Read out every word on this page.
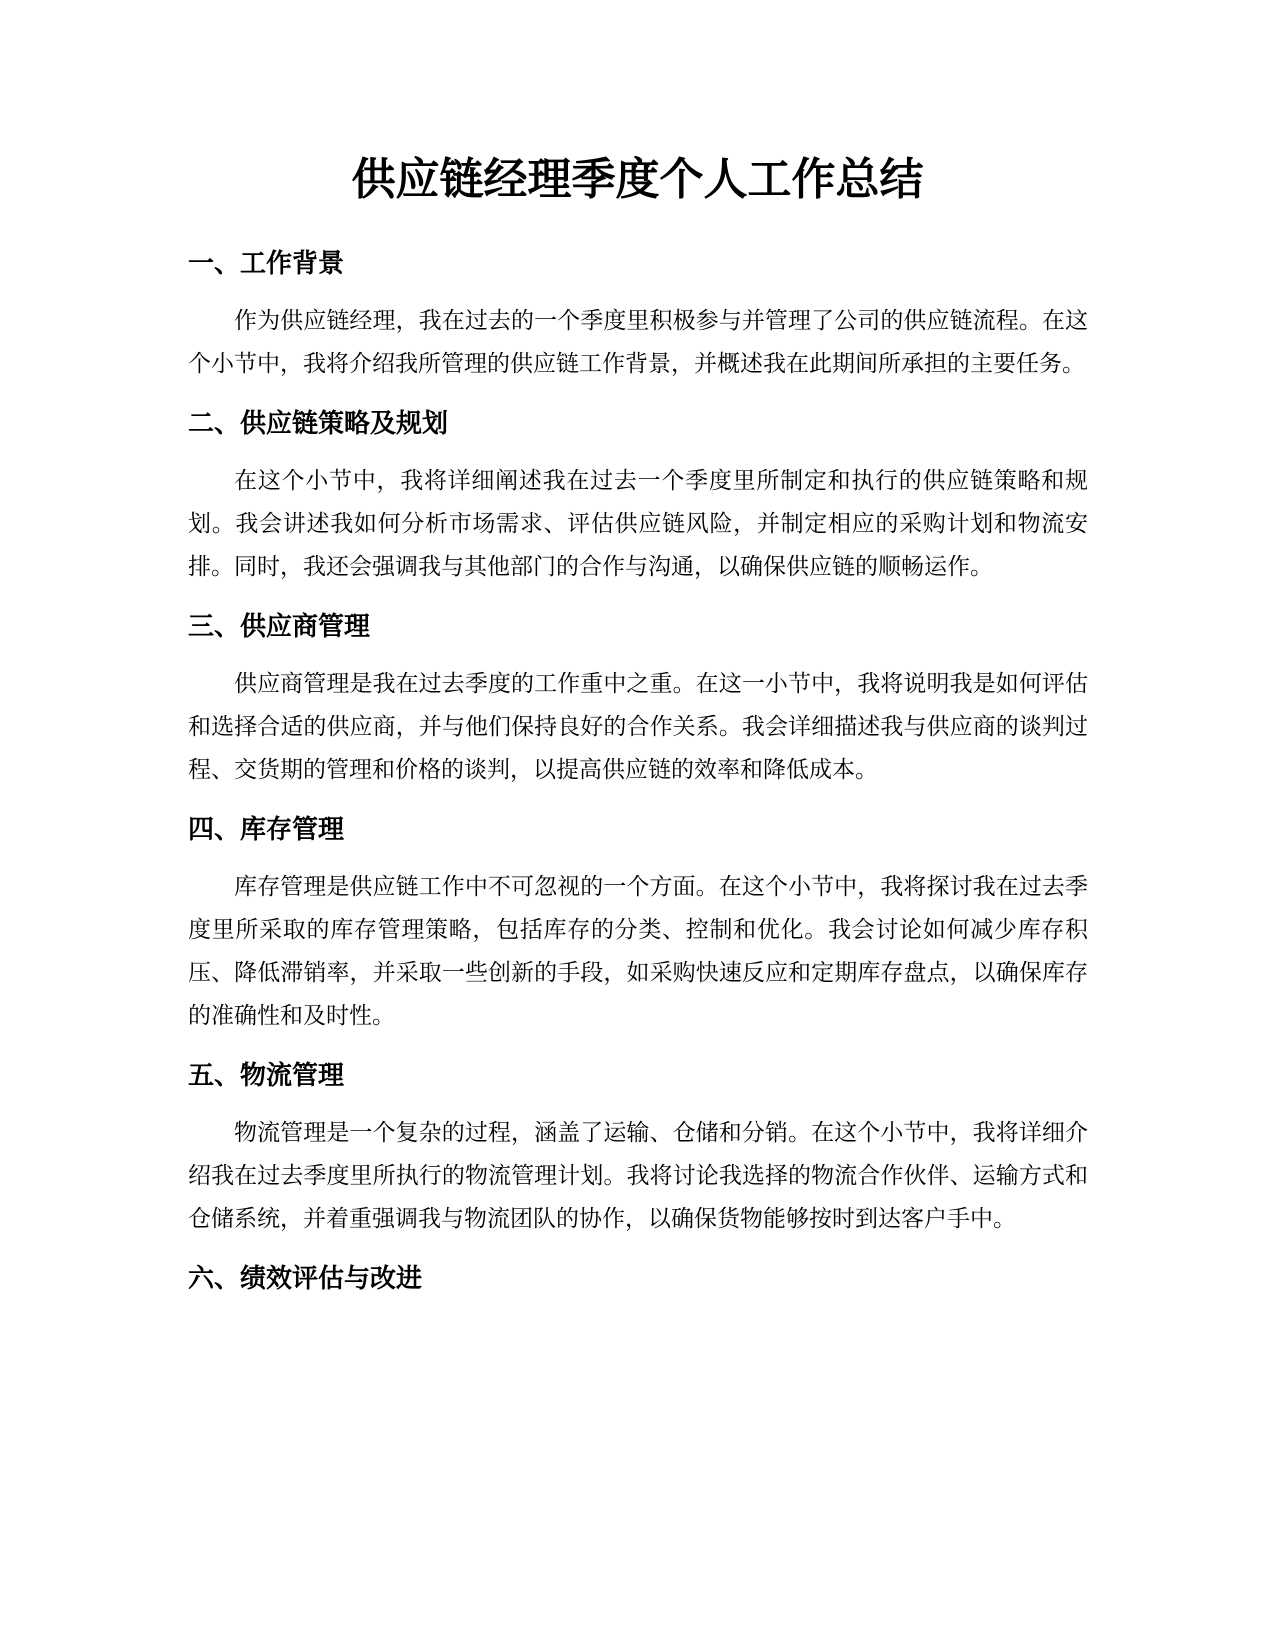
供应链经理季度个人工作总结
一、工作背景

作为供应链经理，我在过去的一个季度里积极参与并管理了公司的供应链流程。在这个小节中，我将介绍我所管理的供应链工作背景，并概述我在此期间所承担的主要任务。

二、供应链策略及规划

在这个小节中，我将详细阐述我在过去一个季度里所制定和执行的供应链策略和规划。我会讲述我如何分析市场需求、评估供应链风险，并制定相应的采购计划和物流安排。同时，我还会强调我与其他部门的合作与沟通，以确保供应链的顺畅运作。

三、供应商管理

供应商管理是我在过去季度的工作重中之重。在这一小节中，我将说明我是如何评估和选择合适的供应商，并与他们保持良好的合作关系。我会详细描述我与供应商的谈判过程、交货期的管理和价格的谈判，以提高供应链的效率和降低成本。

四、库存管理

库存管理是供应链工作中不可忽视的一个方面。在这个小节中，我将探讨我在过去季度里所采取的库存管理策略，包括库存的分类、控制和优化。我会讨论如何减少库存积压、降低滞销率，并采取一些创新的手段，如采购快速反应和定期库存盘点，以确保库存的准确性和及时性。

五、物流管理

物流管理是一个复杂的过程，涵盖了运输、仓储和分销。在这个小节中，我将详细介绍我在过去季度里所执行的物流管理计划。我将讨论我选择的物流合作伙伴、运输方式和仓储系统，并着重强调我与物流团队的协作，以确保货物能够按时到达客户手中。

六、绩效评估与改进
